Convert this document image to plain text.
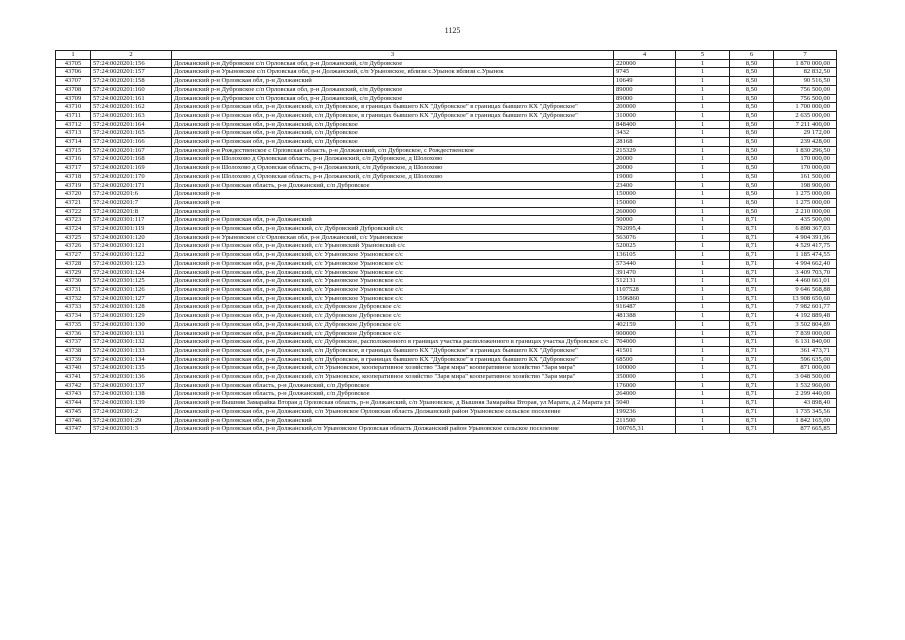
1125
1	2	3	4	5	6	7
43705	57:24:0020201:156	Должанский р-н Дубровское с/п Орловская обл, р-н Должанский, с/п Дубровское	220000	1	8,50	1 870 000,00
43706	57:24:0020201:157	Должанский р-н Урыновское с/п Орловская обл, р-н Должанский, с/п Урыновское, вблизи с.Урынок вблизи с.Урынок	9745	1	8,50	82 832,50
43707	57:24:0020201:158	Должанский р-н Орловская обл, р-н Должанский	10649	1	8,50	90 516,50
43708	57:24:0020201:160	Должанский р-н Дубровское с/п Орловская обл, р-н Должанский, с/п Дубровское	89000	1	8,50	756 500,00
43709	57:24:0020201:161	Должанский р-н Дубровское с/п Орловская обл, р-н Должанский, с/п Дубровское	89000	1	8,50	756 500,00
43710	57:24:0020201:162	Должанский р-н Орловская обл, р-н Должанский, с/п Дубровское, в границах бывшего КХ "Дубровское" в границах бывшего КХ "Дубровское"	200000	1	8,50	1 700 000,00
43711	57:24:0020201:163	Должанский р-н Орловская обл, р-н Должанский, с/п Дубровское, в границах бывшего КХ "Дубровское" в границах бывшего КХ "Дубровское"	310000	1	8,50	2 635 000,00
43712	57:24:0020201:164	Должанский р-н Орловская обл, р-н Должанский, с/п Дубровское	848400	1	8,50	7 211 400,00
43713	57:24:0020201:165	Должанский р-н Орловская обл, р-н Должанский, с/п Дубровское	3432	1	8,50	29 172,00
43714	57:24:0020201:166	Должанский р-н Орловская обл, р-н Должанский, с/п Дубровское	28168	1	8,50	239 428,00
43715	57:24:0020201:167	Должанский р-н Рождественское с Орловская область, р-н Должанский, с/п Дубровское, с Рождественское	215329	1	8,50	1 830 296,50
43716	57:24:0020201:168	Должанский р-н Шолохово д Орловская область, р-н Должанский, с/п Дубровское, д Шолохово	20000	1	8,50	170 000,00
43717	57:24:0020201:169	Должанский р-н Шолохово д Орловская область, р-н Должанский, с/п Дубровское, д Шолохово	20000	1	8,50	170 000,00
43718	57:24:0020201:170	Должанский р-н Шолохово д Орловская область, р-н Должанский, с/п Дубровское, д Шолохово	19000	1	8,50	161 500,00
43719	57:24:0020201:171	Должанский р-н Орловская область, р-н Должанский, с/п Дубровское	23400	1	8,50	198 900,00
43720	57:24:0020201:6	Должанский р-н	150000	1	8,50	1 275 000,00
43721	57:24:0020201:7	Должанский р-н	150000	1	8,50	1 275 000,00
43722	57:24:0020201:8	Должанский р-н	260000	1	8,50	2 210 000,00
43723	57:24:0020301:117	Должанский р-н Орловская обл, р-н Должанский	50000	1	8,71	435 500,00
43724	57:24:0020301:119	Должанский р-н Орловская обл, р-н Должанский, с/с Дубровский Дубровский с/с	792095,4	1	8,71	6 898 367,03
43725	57:24:0020301:120	Должанский р-н Урыновское с/с Орловская обл, р-н Должанский, с/с Урыновское	563076	1	8,71	4 904 391,96
43726	57:24:0020301:121	Должанский р-н Орловская обл, р-н Должанский, с/с Урыновский Урыновский с/с	520025	1	8,71	4 529 417,75
43727	57:24:0020301:122	Должанский р-н Орловская обл, р-н Должанский, с/с Урыновское Урыновское с/с	136105	1	8,71	1 185 474,55
43728	57:24:0020301:123	Должанский р-н Орловская обл, р-н Должанский, с/с Урыновское Урыновское с/с	573440	1	8,71	4 994 662,40
43729	57:24:0020301:124	Должанский р-н Орловская обл, р-н Должанский, с/с Урыновское Урыновское с/с	391470	1	8,71	3 409 703,70
43730	57:24:0020301:125	Должанский р-н Орловская обл, р-н Должанский, с/с Урыновское Урыновское с/с	512131	1	8,71	4 460 661,01
43731	57:24:0020301:126	Должанский р-н Орловская обл, р-н Должанский, с/с Урыновское Урыновское с/с	1107528	1	8,71	9 646 568,88
43732	57:24:0020301:127	Должанский р-н Орловская обл, р-н Должанский, с/с Урыновское Урыновское с/с	1596860	1	8,71	13 908 650,60
43733	57:24:0020301:128	Должанский р-н Орловская обл, р-н Должанский, с/с Дубровское Дубровское с/с	916487	1	8,71	7 982 601,77
43734	57:24:0020301:129	Должанский р-н Орловская обл, р-н Должанский, с/с Дубровское Дубровское с/с	481388	1	8,71	4 192 889,48
43735	57:24:0020301:130	Должанский р-н Орловская обл, р-н Должанский, с/с Дубровское Дубровское с/с	402159	1	8,71	3 502 804,89
43736	57:24:0020301:131	Должанский р-н Орловская обл, р-н Должанский, с/с Дубровское Дубровское с/с	900000	1	8,71	7 839 000,00
43737	57:24:0020301:132	Должанский р-н Орловская обл, р-н Должанский, с/с Дубровское, расположенного в границах участка расположенного в границах участка Дубровское с/с	704000	1	8,71	6 131 840,00
43738	57:24:0020301:133	Должанский р-н Орловская обл, р-н Должанский, с/п Дубровское, в границах бывшего КХ "Дубровское" в границах бывшего КХ "Дубровское"	41501	1	8,71	361 473,71
43739	57:24:0020301:134	Должанский р-н Орловская обл, р-н Должанский, с/п Дубровское, в границах бывшего КХ "Дубровское" в границах бывшего КХ "Дубровское"	68500	1	8,71	596 635,00
43740	57:24:0020301:135	Должанский р-н Орловская обл, р-н Должанский, с/п Урыновское, кооперативное хозяйство "Заря мира" кооперативное хозяйство "Заря мира"	100000	1	8,71	871 000,00
43741	57:24:0020301:136	Должанский р-н Орловская обл, р-н Должанский, с/п Урыновское, кооперативное хозяйство "Заря мира" кооперативное хозяйство "Заря мира"	350000	1	8,71	3 048 500,00
43742	57:24:0020301:137	Должанский р-н Орловская область, р-н Должанский, с/п Дубровское	176000	1	8,71	1 532 960,00
43743	57:24:0020301:138	Должанский р-н Орловская область, р-н Должанский, с/п Дубровское	264000	1	8,71	2 299 440,00
43744	57:24:0020301:139	Должанский р-н Вышняя Замарайка Вторая д Орловская область, р-н Должанский, с/п Урыновское, д Вышняя Замарайка Вторая, ул Марата, д 2 Марата ул	5040	1	8,71	43 898,40
43745	57:24:0020301:2	Должанский р-н Орловская обл, р-н Должанский, с/п Урыновское Орловская область Должанский район Урыновское сельское поселение	199236	1	8,71	1 735 345,56
43746	57:24:0020301:29	Должанский р-н Орловская обл, р-н Должанский	211500	1	8,71	1 842 165,00
43747	57:24:0020301:3	Должанский р-н Орловская обл, р-н Должанский,с/п Урыновское Орловская область Должанский район Урыновское сельское поселение	100765,31	1	8,71	877 665,85
